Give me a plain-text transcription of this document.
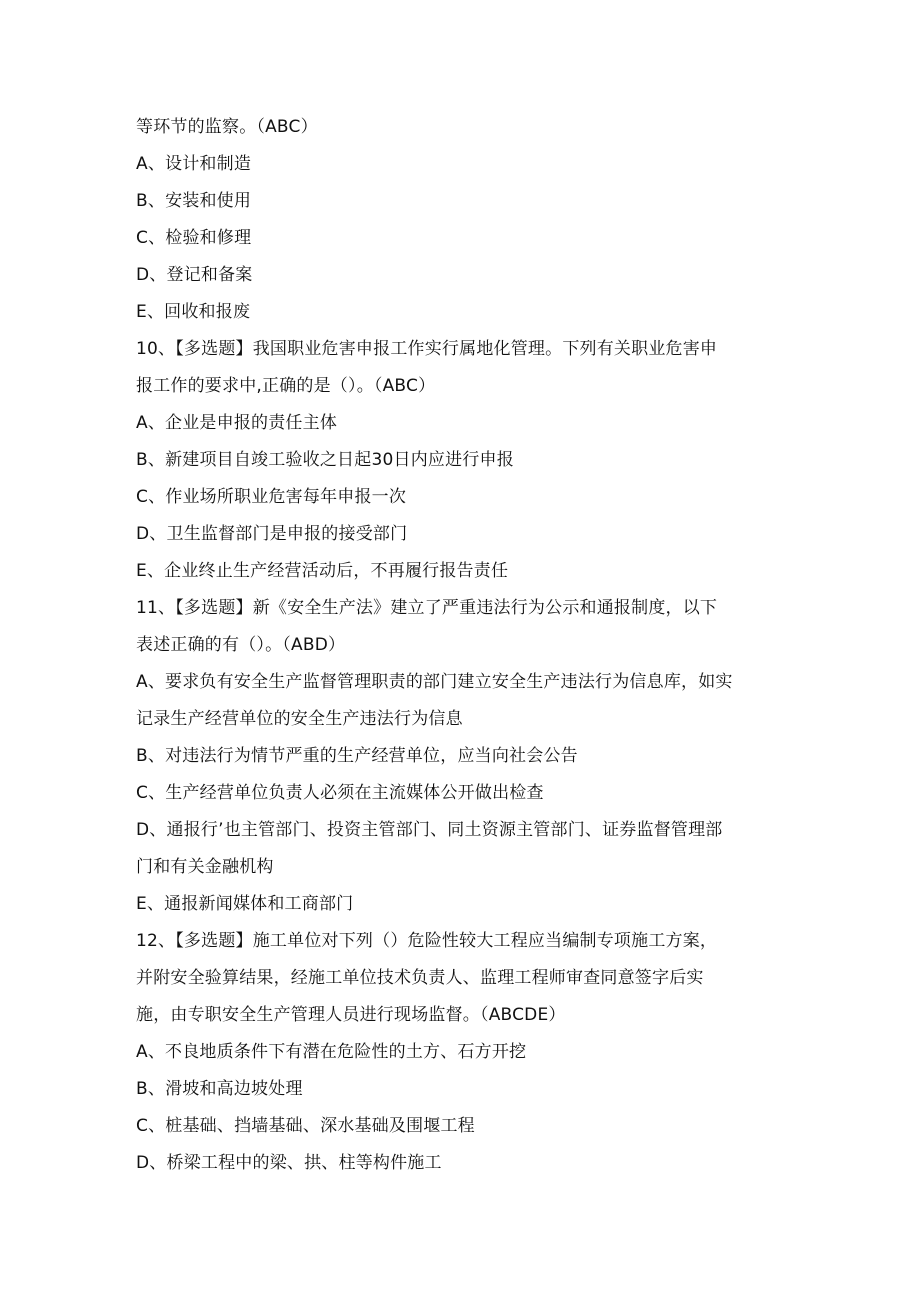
等环节的监察。（ABC）
A、设计和制造
B、安装和使用
C、检验和修理
D、登记和备案
E、回收和报废
10、【多选题】我国职业危害申报工作实行属地化管理。下列有关职业危害申
报工作的要求中,正确的是（）。（ABC）
A、企业是申报的责任主体
B、新建项目自竣工验收之日起30日内应进行申报
C、作业场所职业危害每年申报一次
D、卫生监督部门是申报的接受部门
E、企业终止生产经营活动后，不再履行报告责任
11、【多选题】新《安全生产法》建立了严重违法行为公示和通报制度，以下
表述正确的有（）。（ABD）
A、要求负有安全生产监督管理职责的部门建立安全生产违法行为信息库，如实
记录生产经营单位的安全生产违法行为信息
B、对违法行为情节严重的生产经营单位，应当向社会公告
C、生产经营单位负责人必须在主流媒体公开做出检查
D、通报行’也主管部门、投资主管部门、同土资源主管部门、证券监督管理部
门和有关金融机构
E、通报新闻媒体和工商部门
12、【多选题】施工单位对下列（）危险性较大工程应当编制专项施工方案，
并附安全验算结果，经施工单位技术负责人、监理工程师审查同意签字后实
施，由专职安全生产管理人员进行现场监督。（ABCDE）
A、不良地质条件下有潜在危险性的土方、石方开挖
B、滑坡和高边坡处理
C、桩基础、挡墙基础、深水基础及围堰工程
D、桥梁工程中的梁、拱、柱等构件施工
